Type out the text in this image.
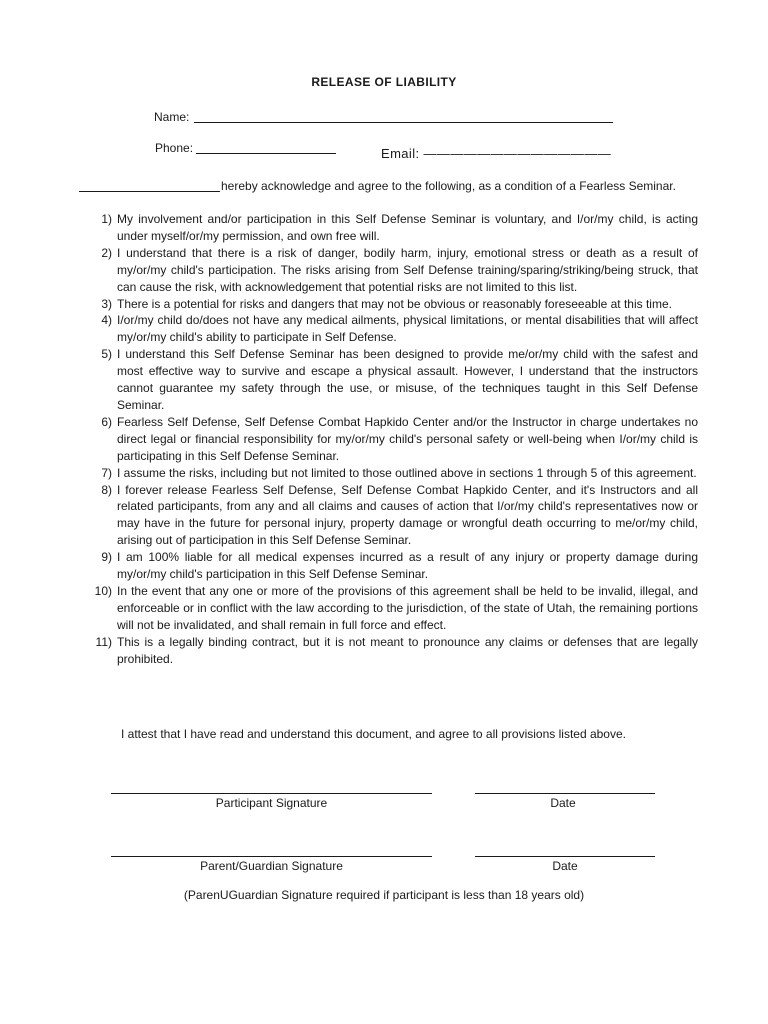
RELEASE OF LIABILITY
Name:
Phone:	Email: ——————————————
hereby acknowledge and agree to the following, as a condition of a Fearless Seminar.
1) My involvement and/or participation in this Self Defense Seminar is voluntary, and I/or/my child, is acting under myself/or/my permission, and own free will.
2) I understand that there is a risk of danger, bodily harm, injury, emotional stress or death as a result of my/or/my child's participation. The risks arising from Self Defense training/sparing/striking/being struck, that can cause the risk, with acknowledgement that potential risks are not limited to this list.
3) There is a potential for risks and dangers that may not be obvious or reasonably foreseeable at this time.
4) I/or/my child do/does not have any medical ailments, physical limitations, or mental disabilities that will affect my/or/my child's ability to participate in Self Defense.
5) I understand this Self Defense Seminar has been designed to provide me/or/my child with the safest and most effective way to survive and escape a physical assault. However, I understand that the instructors cannot guarantee my safety through the use, or misuse, of the techniques taught in this Self Defense Seminar.
6) Fearless Self Defense, Self Defense Combat Hapkido Center and/or the Instructor in charge undertakes no direct legal or financial responsibility for my/or/my child's personal safety or well-being when I/or/my child is participating in this Self Defense Seminar.
7) I assume the risks, including but not limited to those outlined above in sections 1 through 5 of this agreement.
8) I forever release Fearless Self Defense, Self Defense Combat Hapkido Center, and it's Instructors and all related participants, from any and all claims and causes of action that I/or/my child's representatives now or may have in the future for personal injury, property damage or wrongful death occurring to me/or/my child, arising out of participation in this Self Defense Seminar.
9) I am 100% liable for all medical expenses incurred as a result of any injury or property damage during my/or/my child's participation in this Self Defense Seminar.
10) In the event that any one or more of the provisions of this agreement shall be held to be invalid, illegal, and enforceable or in conflict with the law according to the jurisdiction, of the state of Utah, the remaining portions will not be invalidated, and shall remain in full force and effect.
11) This is a legally binding contract, but it is not meant to pronounce any claims or defenses that are legally prohibited.
I attest that I have read and understand this document, and agree to all provisions listed above.
Participant Signature	Date
Parent/Guardian Signature	Date
(ParenUGuardian Signature required if participant is less than 18 years old)
